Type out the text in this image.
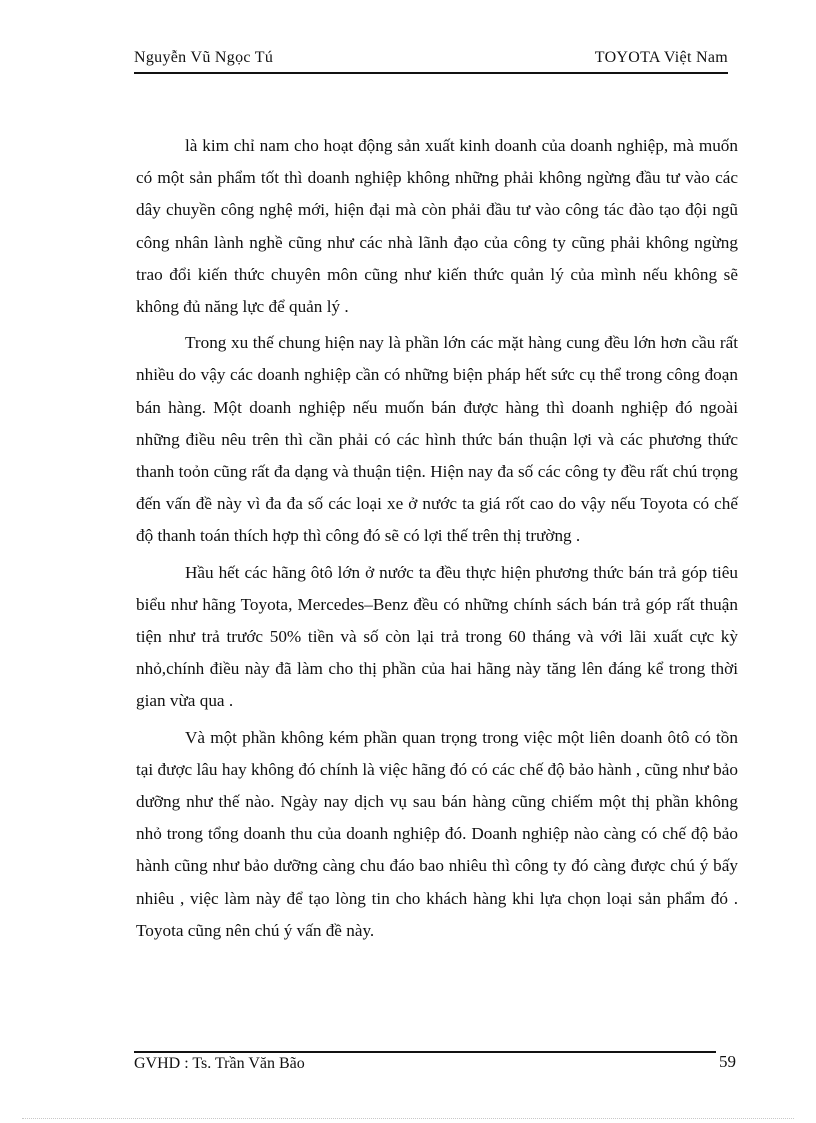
Nguyễn Vũ Ngọc Tú	TOYOTA Việt Nam

là kim chỉ nam cho hoạt động sản xuất kinh doanh của doanh nghiệp, mà muốn có một sản phẩm tốt thì doanh nghiệp không những phải không ngừng đầu tư vào các dây chuyền công nghệ mới, hiện đại mà còn phải đầu tư vào công tác đào tạo đội ngũ công nhân lành nghề cũng như các nhà lãnh đạo của công ty cũng phải không ngừng trao đổi kiến thức chuyên môn cũng như kiến thức quản lý của mình nếu không sẽ không đủ năng lực để quản lý .

Trong xu thế chung hiện nay là phần lớn các mặt hàng cung đều lớn hơn cầu rất nhiều do vậy các doanh nghiệp cần có những biện pháp hết sức cụ thể trong công đoạn bán hàng. Một doanh nghiệp nếu muốn bán được hàng thì doanh nghiệp đó ngoài những điều nêu trên thì cần phải có các hình thức bán thuận lợi và các phương thức thanh toỏn cũng rất đa dạng và thuận tiện. Hiện nay đa số các công ty đều rất chú trọng đến vấn đề này vì đa đa số các loại xe ở nước ta giá rốt cao do vậy nếu Toyota có chế độ thanh toán thích hợp thì công đó sẽ có lợi thế trên thị trường .

Hầu hết các hãng ôtô lớn ở nước ta đều thực hiện phương thức bán trả góp tiêu biểu như hãng Toyota, Mercedes–Benz đều có những chính sách bán trả góp rất thuận tiện như trả trước 50% tiền và số còn lại trả trong 60 tháng và với lãi xuất cực kỳ nhỏ,chính điều này đã làm cho thị phần của hai hãng này tăng lên đáng kể trong thời gian vừa qua .

Và một phần không kém phần quan trọng trong việc một liên doanh ôtô có tồn tại được lâu hay không đó chính là việc hãng đó có các chế độ bảo hành , cũng như bảo dưỡng như thế nào. Ngày nay dịch vụ sau bán hàng cũng chiếm một thị phần không nhỏ trong tổng doanh thu của doanh nghiệp đó. Doanh nghiệp nào càng có chế độ bảo hành cũng như bảo dưỡng càng chu đáo bao nhiêu thì công ty đó càng được chú ý bấy nhiêu , việc làm này để tạo lòng tin cho khách hàng khi lựa chọn loại sản phẩm đó . Toyota cũng nên chú ý vấn đề này.

GVHD : Ts. Trần Văn Bão	59
